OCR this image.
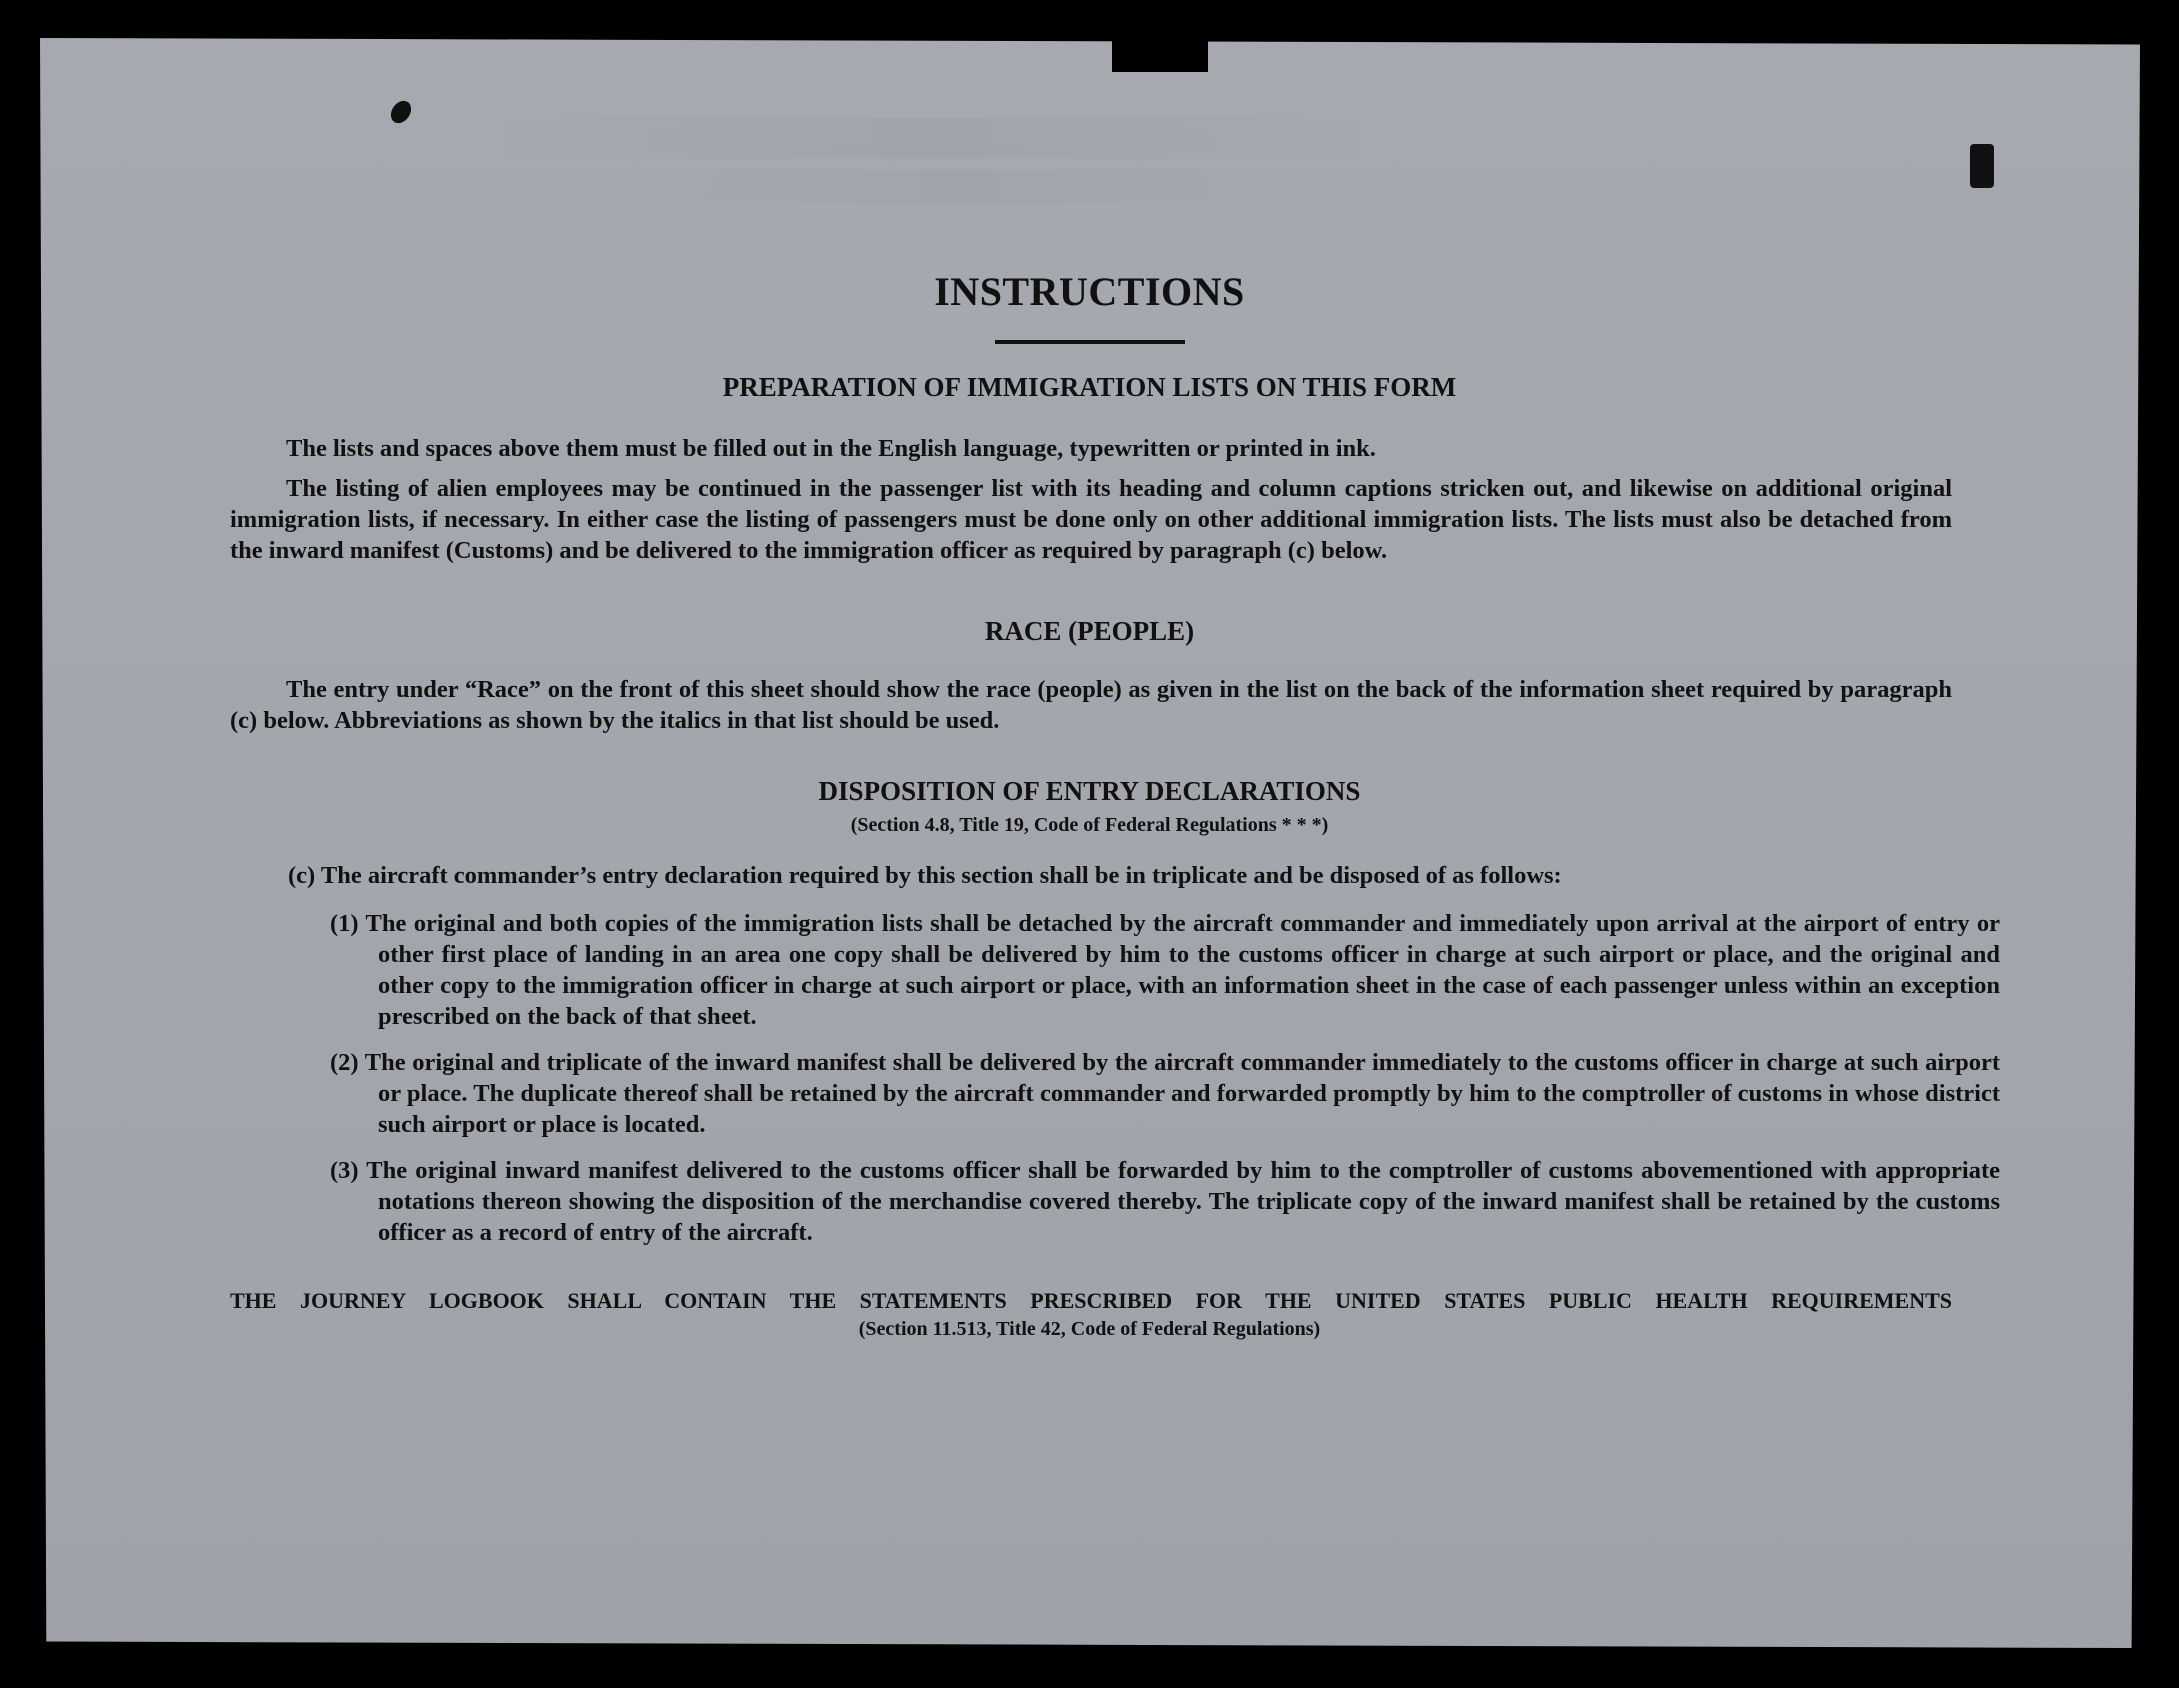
INSTRUCTIONS
PREPARATION OF IMMIGRATION LISTS ON THIS FORM

The lists and spaces above them must be filled out in the English language, typewritten or printed in ink.

The listing of alien employees may be continued in the passenger list with its heading and column captions stricken out, and likewise on additional original immigration lists, if necessary. In either case the listing of passengers must be done only on other additional immigration lists. The lists must also be detached from the inward manifest (Customs) and be delivered to the immigration officer as required by paragraph (c) below.

RACE (PEOPLE)

The entry under “Race” on the front of this sheet should show the race (people) as given in the list on the back of the information sheet required by paragraph (c) below. Abbreviations as shown by the italics in that list should be used.

DISPOSITION OF ENTRY DECLARATIONS
(Section 4.8, Title 19, Code of Federal Regulations * * *)
(c) The aircraft commander’s entry declaration required by this section shall be in triplicate and be disposed of as follows:

(1) The original and both copies of the immigration lists shall be detached by the aircraft commander and immediately upon arrival at the airport of entry or other first place of landing in an area one copy shall be delivered by him to the customs officer in charge at such airport or place, and the original and other copy to the immigration officer in charge at such airport or place, with an information sheet in the case of each passenger unless within an exception prescribed on the back of that sheet.

(2) The original and triplicate of the inward manifest shall be delivered by the aircraft commander immediately to the customs officer in charge at such airport or place. The duplicate thereof shall be retained by the aircraft commander and forwarded promptly by him to the comptroller of customs in whose district such airport or place is located.

(3) The original inward manifest delivered to the customs officer shall be forwarded by him to the comptroller of customs abovementioned with appropriate notations thereon showing the disposition of the merchandise covered thereby. The triplicate copy of the inward manifest shall be retained by the customs officer as a record of entry of the aircraft.

THE JOURNEY LOGBOOK SHALL CONTAIN THE STATEMENTS PRESCRIBED FOR THE UNITED STATES PUBLIC HEALTH REQUIREMENTS
(Section 11.513, Title 42, Code of Federal Regulations)
